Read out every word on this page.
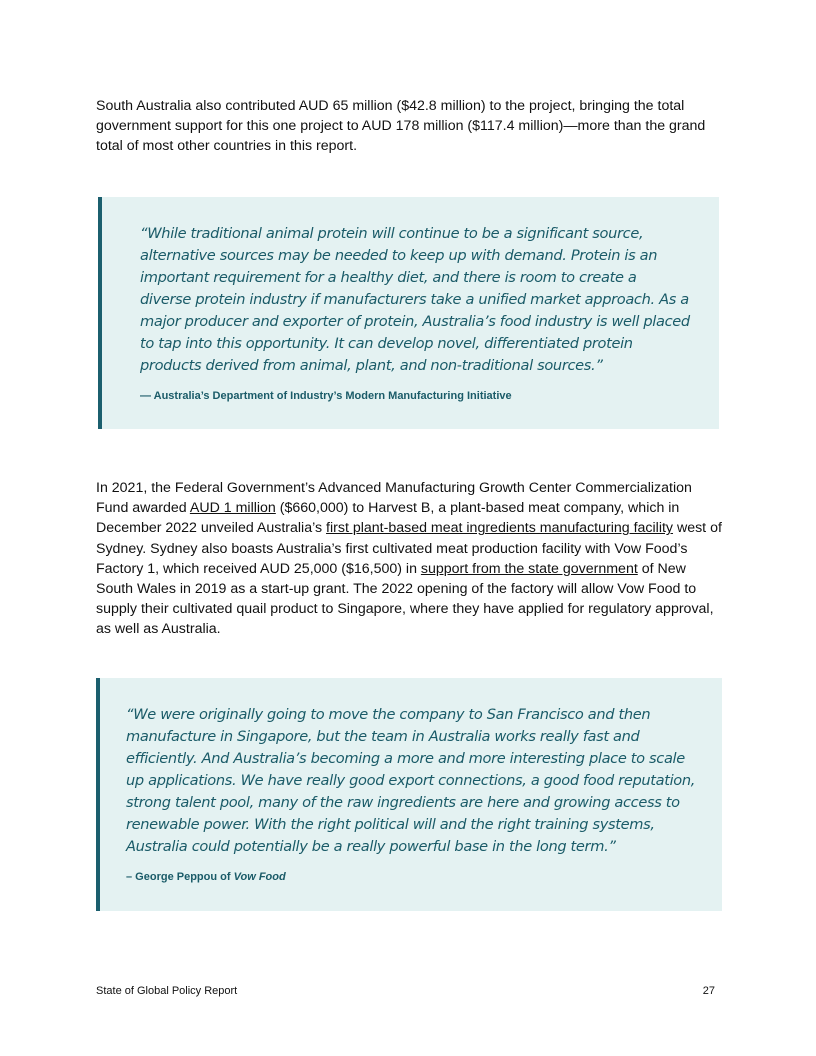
South Australia also contributed AUD 65 million ($42.8 million) to the project, bringing the total government support for this one project to AUD 178 million ($117.4 million)—more than the grand total of most other countries in this report.

“While traditional animal protein will continue to be a significant source, alternative sources may be needed to keep up with demand. Protein is an important requirement for a healthy diet, and there is room to create a diverse protein industry if manufacturers take a unified market approach. As a major producer and exporter of protein, Australia’s food industry is well placed to tap into this opportunity. It can develop novel, differentiated protein products derived from animal, plant, and non-traditional sources.”

— Australia’s Department of Industry’s Modern Manufacturing Initiative

In 2021, the Federal Government’s Advanced Manufacturing Growth Center Commercialization Fund awarded AUD 1 million ($660,000) to Harvest B, a plant-based meat company, which in December 2022 unveiled Australia’s first plant-based meat ingredients manufacturing facility west of Sydney. Sydney also boasts Australia’s first cultivated meat production facility with Vow Food’s Factory 1, which received AUD 25,000 ($16,500) in support from the state government of New South Wales in 2019 as a start-up grant. The 2022 opening of the factory will allow Vow Food to supply their cultivated quail product to Singapore, where they have applied for regulatory approval, as well as Australia.

“We were originally going to move the company to San Francisco and then manufacture in Singapore, but the team in Australia works really fast and efficiently. And Australia’s becoming a more and more interesting place to scale up applications. We have really good export connections, a good food reputation, strong talent pool, many of the raw ingredients are here and growing access to renewable power. With the right political will and the right training systems, Australia could potentially be a really powerful base in the long term.”

– George Peppou of Vow Food

State of Global Policy Report	27
